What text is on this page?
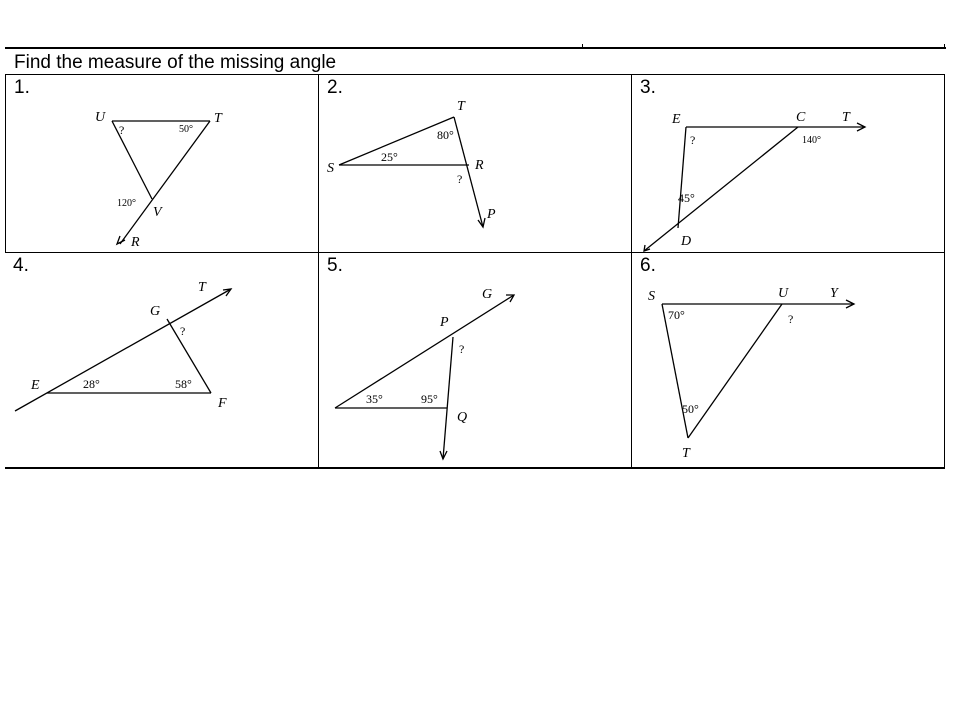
Find the measure of the missing angle
1.
U	T
V
R
?	50°
120°
2.
T
S	R
P
80°
25°
?
3.
E	C	T
D
?	140°
45°
4.
E
G
T
F
?
28°	58°
5.
G
P
Q
?
35°	95°
6.
S	U	Y
T
70°	?
50°
